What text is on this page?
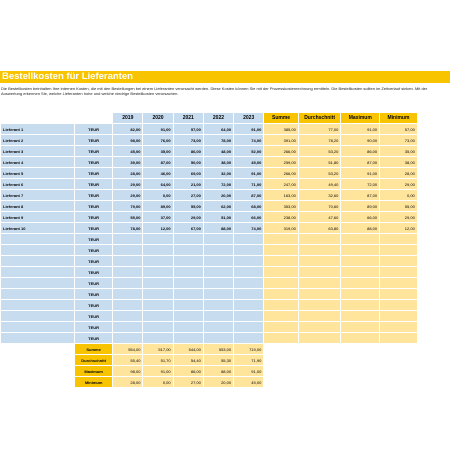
Bestellkosten für Lieferanten
Die Bestellkosten beinhalten Ihre internen Kosten, die mit den Bestellungen bei einem Lieferanten verursacht werden. Diese Kosten können Sie mit der Prozesskostenrechnung ermitteln. Die Bestellkosten sollten im Zeitverlauf sinken. Mit der Auswertung erkennen Sie, welche Lieferanten hohe und welche niedrige Bestellkosten verursachen.
		2019	2020	2021	2022	2023	Summe	Durchschnitt	Maximum	Minimum
Lieferant 1	TEUR	82,00	91,00	57,00	64,00	91,00	385,00	77,00	91,00	57,00
Lieferant 2	TEUR	98,00	76,00	73,00	78,00	74,00	391,00	78,20	90,00	73,00
Lieferant 3	TEUR	45,00	35,00	86,00	48,00	52,00	266,00	53,20	86,00	35,00
Lieferant 4	TEUR	39,00	87,00	50,00	38,00	45,00	259,00	51,80	87,00	38,00
Lieferant 5	TEUR	28,00	46,00	69,00	32,00	91,00	266,00	53,20	91,00	28,00
Lieferant 6	TEUR	29,00	64,00	21,00	72,00	71,00	247,00	49,40	72,00	29,00
Lieferant 7	TEUR	29,00	0,00	27,00	20,00	87,00	163,00	32,60	87,00	0,00
Lieferant 8	TEUR	79,00	89,00	55,00	62,00	68,00	353,00	70,60	89,00	55,00
Lieferant 9	TEUR	55,00	37,00	29,00	51,00	66,00	238,00	47,60	66,00	29,00
Lieferant 10	TEUR	78,00	12,00	67,00	88,00	74,00	319,00	63,80	88,00	12,00
	TEUR									
	TEUR									
	TEUR									
	TEUR									
	TEUR									
	TEUR									
	TEUR									
	TEUR									
	TEUR									
	TEUR									
	Summe	554,00	517,00	544,00	553,00	719,00				
	Durchschnitt	55,40	51,70	54,40	55,30	71,90				
	Maximum	98,00	91,00	86,00	88,00	91,00				
	Minimum	28,00	0,00	27,00	20,00	45,00				
